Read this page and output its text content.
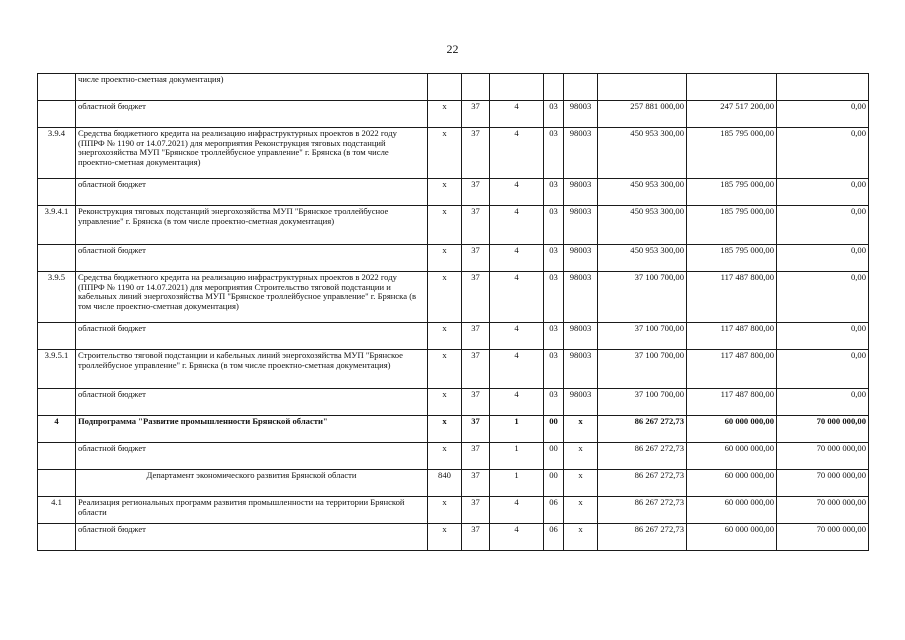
22
	числе проектно-сметная документация)								
	областной бюджет	х	37	4	03	98003	257 881 000,00	247 517 200,00	0,00
3.9.4	Средства бюджетного кредита на реализацию инфраструктурных проектов в 2022 году (ППРФ № 1190 от 14.07.2021) для мероприятия Реконструкция тяговых подстанций энергохозяйства МУП "Брянское троллейбусное управление" г. Брянска (в том числе проектно-сметная документация)	х	37	4	03	98003	450 953 300,00	185 795 000,00	0,00
	областной бюджет	х	37	4	03	98003	450 953 300,00	185 795 000,00	0,00
3.9.4.1	Реконструкция тяговых подстанций энергохозяйства МУП "Брянское троллейбусное управление" г. Брянска (в том числе проектно-сметная документация)	х	37	4	03	98003	450 953 300,00	185 795 000,00	0,00
	областной бюджет	х	37	4	03	98003	450 953 300,00	185 795 000,00	0,00
3.9.5	Средства бюджетного кредита на реализацию инфраструктурных проектов в 2022 году (ППРФ № 1190 от 14.07.2021) для мероприятия Строительство тяговой подстанции и кабельных линий энергохозяйства МУП "Брянское троллейбусное управление" г. Брянска (в том числе проектно-сметная документация)	х	37	4	03	98003	37 100 700,00	117 487 800,00	0,00
	областной бюджет	х	37	4	03	98003	37 100 700,00	117 487 800,00	0,00
3.9.5.1	Строительство тяговой подстанции и кабельных линий энергохозяйства МУП "Брянское троллейбусное управление" г. Брянска (в том числе проектно-сметная документация)	х	37	4	03	98003	37 100 700,00	117 487 800,00	0,00
	областной бюджет	х	37	4	03	98003	37 100 700,00	117 487 800,00	0,00
4	Подпрограмма "Развитие промышленности Брянской области"	х	37	1	00	х	86 267 272,73	60 000 000,00	70 000 000,00
	областной бюджет	х	37	1	00	х	86 267 272,73	60 000 000,00	70 000 000,00
	Департамент экономического развития Брянской области	840	37	1	00	х	86 267 272,73	60 000 000,00	70 000 000,00
4.1	Реализация региональных программ развития промышленности на территории Брянской области	х	37	4	06	х	86 267 272,73	60 000 000,00	70 000 000,00
	областной бюджет	х	37	4	06	х	86 267 272,73	60 000 000,00	70 000 000,00
